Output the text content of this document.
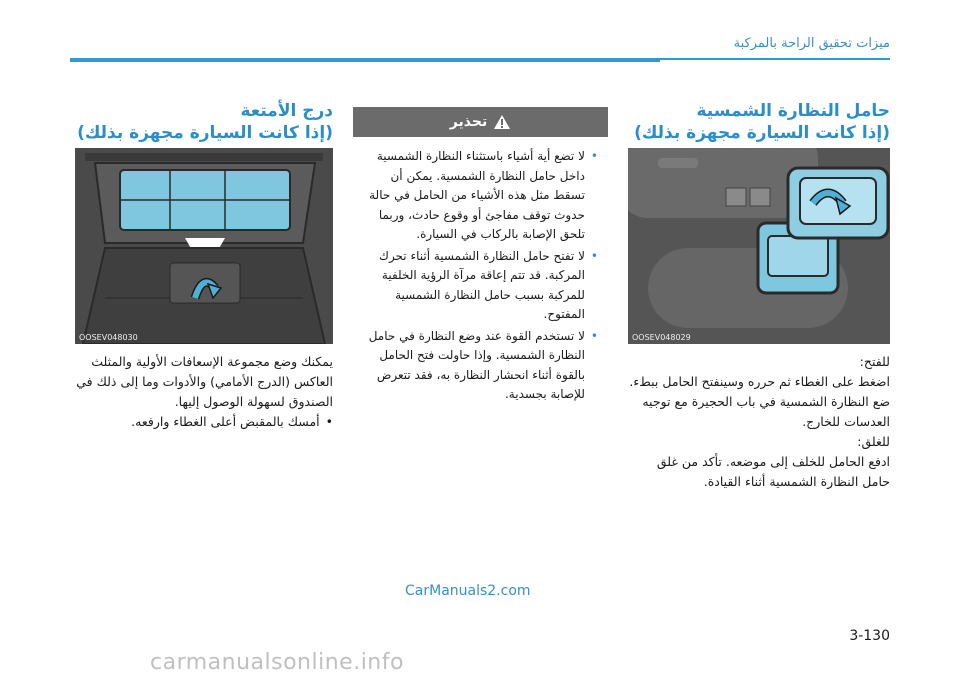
ميزات تحقيق الراحة بالمركبة
حامل النظارة الشمسية
(إذا كانت السيارة مجهزة بذلك)
OOSEV048029

للفتح:

اضغط على الغطاء ثم حرره وسينفتح الحامل ببطء. ضع النظارة الشمسية في باب الحجيرة مع توجيه العدسات للخارج.

للغلق:

ادفع الحامل للخلف إلى موضعه. تأكد من غلق حامل النظارة الشمسية أثناء القيادة.

تحذير
•
لا تضع أية أشياء باستثناء النظارة الشمسية داخل حامل النظارة الشمسية. يمكن أن تسقط مثل هذه الأشياء من الحامل في حالة حدوث توقف مفاجئ أو وقوع حادث، وربما تلحق الإصابة بالركاب في السيارة.
•
لا تفتح حامل النظارة الشمسية أثناء تحرك المركبة. قد تتم إعاقة مرآة الرؤية الخلفية للمركبة بسبب حامل النظارة الشمسية المفتوح.
•
لا تستخدم القوة عند وضع النظارة في حامل النظارة الشمسية. وإذا حاولت فتح الحامل بالقوة أثناء انحشار النظارة به، فقد تتعرض للإصابة بجسدية.
درج الأمتعة
(إذا كانت السيارة مجهزة بذلك)
OOSEV048030

يمكنك وضع مجموعة الإسعافات الأولية والمثلث العاكس (الدرج الأمامي) والأدوات وما إلى ذلك في الصندوق لسهولة الوصول إليها.

•
أمسك بالمقبض أعلى الغطاء وارفعه.
CarManuals2.com
3-130
carmanualsonline.info
